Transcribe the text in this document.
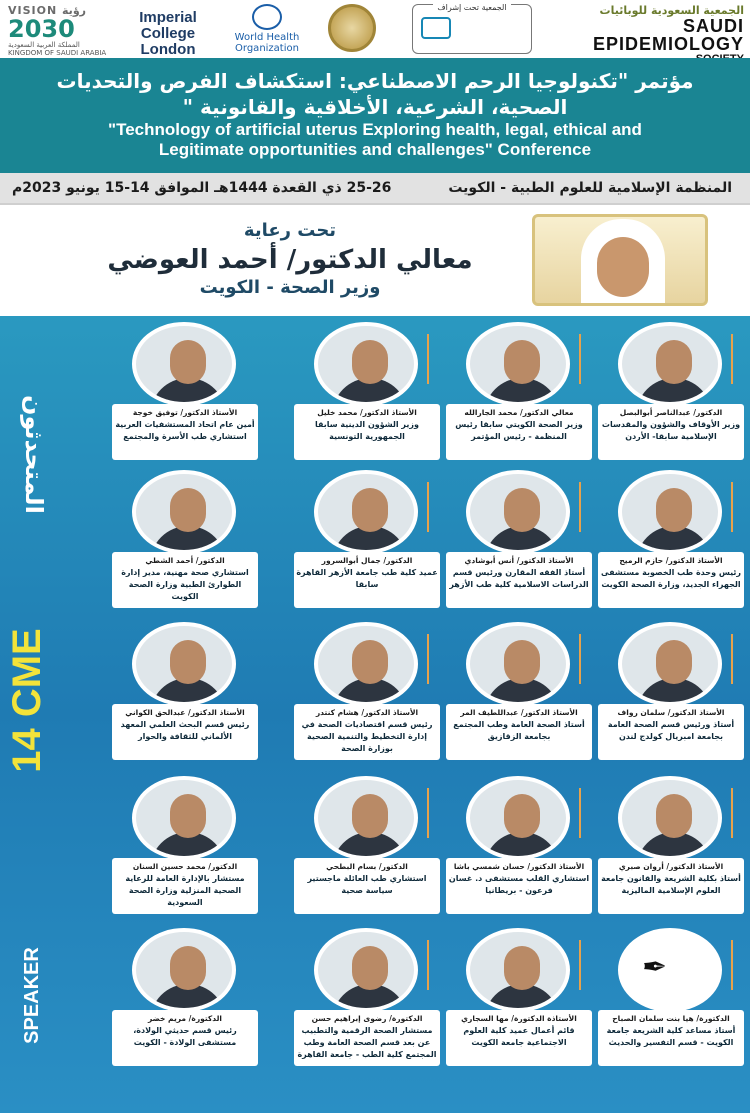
VISION رؤية
2030
المملكة العربية السعودية KINGDOM OF SAUDI ARABIA
Imperial
College
London
World Health
Organization
الجمعية تحت إشراف	الجمعية السعودية للوبائيات
SAUDI
EPIDEMIOLOGY
مؤتمر "تكنولوجيا الرحم الاصطناعي: استكشاف الفرص والتحديات
الصحية، الشرعية، الأخلاقية والقانونية "
"Technology of artificial uterus Exploring health, legal, ethical and
Legitimate opportunities and challenges" Conference
المنظمة الإسلامية للعلوم الطبية - الكويت
25-26 ذي القعدة 1444هـ الموافق 14-15 يونيو 2023م
تحت رعاية
معالي الدكتور/ أحمد العوضي
وزير الصحة - الكويت
المتحدثون
14 CME
SPEAKER
الدكتور/ عبدالناصر أبوالبصل
وزير الأوقاف والشؤون والمقدسات الإسلامية سابقا- الأردن
معالي الدكتور/ محمد الجارالله
وزير الصحة الكويتي سابقا رئيس المنظمة - رئيس المؤتمر
الأستاذ الدكتور/ محمد خليل
وزير الشؤون الدينية سابقا الجمهورية التونسية
الأستاذ الدكتور/ توفيق خوجة
أمين عام اتحاد المستشفيات العربية استشاري طب الأسرة والمجتمع
الأستاذ الدكتور/ حازم الرميح
رئيس وحدة طب الخصوبة مستشفى الجهراء الجديد، وزارة الصحة الكويت
الأستاذ الدكتور/ أنس أبوشادي
أستاذ الفقه المقارن ورئيس قسم الدراسات الاسلامية كلية طب الأزهر
الدكتور/ جمال أبوالسرور
عميد كلية طب جامعة الأزهر القاهرة سابقا
الدكتور/ أحمد الشطي
استشاري صحة مهنية، مدير إدارة الطوارئ الطبية وزارة الصحة الكويت
الأستاذ الدكتور/ سلمان رواف
أستاذ ورئيس قسم الصحة العامة بجامعة امبريال كولدج لندن
الأستاذ الدكتور/ عبداللطيف المر
أستاذ الصحة العامة وطب المجتمع بجامعة الزقازيق
الأستاذ الدكتور/ هشام كنتدر
رئيس قسم اقتصاديات الصحة في إدارة التخطيط والتنمية الصحية بوزارة الصحة
الأستاذ الدكتور/ عبدالحق الكواني
رئيس قسم البحث العلمي المعهد الألماني للثقافة والحوار
الأستاذ الدكتور/ أروان صبري
أستاذ بكلية الشريعة والقانون جامعة العلوم الإسلامية الماليزية
الأستاذ الدكتور/ حسان شمسي باشا
استشاري القلب مستشفى د. غسان فرعون - بريطانيا
الدكتور/ بسام البطحي
استشاري طب العائلة ماجستير سياسة صحية
الدكتور/ محمد حسين السنان
مستشار بالإدارة العامة للرعاية الصحية المنزلية وزارة الصحة السعودية
✒
الدكتورة/ هيا بنت سلمان الصباح
أستاذ مساعد كلية الشريعة جامعة الكويت - قسم التفسير والحديث
الأستاذة الدكتورة/ مها السجاري
قائم أعمال عميد كلية العلوم الاجتماعية جامعة الكويت
الدكتورة/ رضوى إبراهيم حسن
مستشار الصحة الرقمية والتطبيب عن بعد قسم الصحة العامة وطب المجتمع كلية الطب - جامعة القاهرة
الدكتورة/ مريم خضر
رئيس قسم حديثي الولادة، مستشفى الولادة - الكويت
